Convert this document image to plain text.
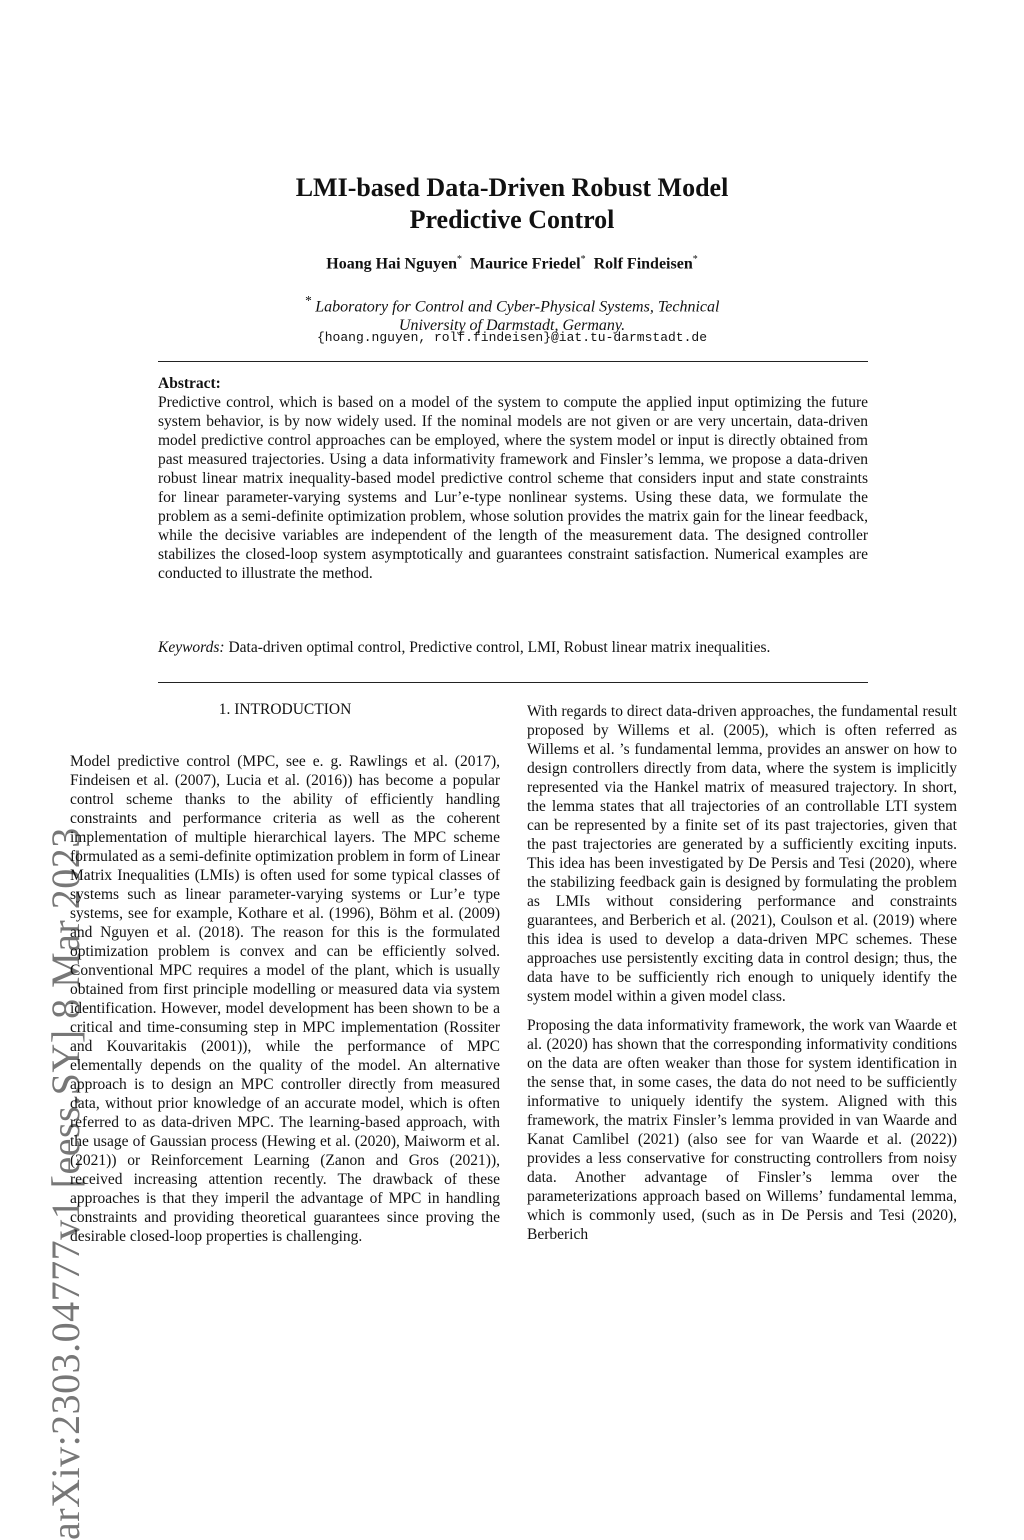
arXiv:2303.04777v1 [eess.SY] 8 Mar 2023
LMI-based Data-Driven Robust Model
Predictive Control
Hoang Hai Nguyen* Maurice Friedel* Rolf Findeisen*
* Laboratory for Control and Cyber-Physical Systems, Technical
University of Darmstadt, Germany.
{hoang.nguyen, rolf.findeisen}@iat.tu-darmstadt.de
Abstract:
Predictive control, which is based on a model of the system to compute the applied input optimizing the future system behavior, is by now widely used. If the nominal models are not given or are very uncertain, data-driven model predictive control approaches can be employed, where the system model or input is directly obtained from past measured trajectories. Using a data informativity framework and Finsler’s lemma, we propose a data-driven robust linear matrix inequality-based model predictive control scheme that considers input and state constraints for linear parameter-varying systems and Lur’e-type nonlinear systems. Using these data, we formulate the problem as a semi-definite optimization problem, whose solution provides the matrix gain for the linear feedback, while the decisive variables are independent of the length of the measurement data. The designed controller stabilizes the closed-loop system asymptotically and guarantees constraint satisfaction. Numerical examples are conducted to illustrate the method.
Keywords: Data-driven optimal control, Predictive control, LMI, Robust linear matrix inequalities.
1. INTRODUCTION

Model predictive control (MPC, see e. g. Rawlings et al. (2017), Findeisen et al. (2007), Lucia et al. (2016)) has become a popular control scheme thanks to the ability of efficiently handling constraints and performance criteria as well as the coherent implementation of multiple hierarchical layers. The MPC scheme formulated as a semi-definite optimization problem in form of Linear Matrix Inequalities (LMIs) is often used for some typical classes of systems such as linear parameter-varying systems or Lur’e type systems, see for example, Kothare et al. (1996), Böhm et al. (2009) and Nguyen et al. (2018). The reason for this is the formulated optimization problem is convex and can be efficiently solved. Conventional MPC requires a model of the plant, which is usually obtained from first principle modelling or measured data via system identification. However, model development has been shown to be a critical and time-consuming step in MPC implementation (Rossiter and Kouvaritakis (2001)), while the performance of MPC elementally depends on the quality of the model. An alternative approach is to design an MPC controller directly from measured data, without prior knowledge of an accurate model, which is often referred to as data-driven MPC. The learning-based approach, with the usage of Gaussian process (Hewing et al. (2020), Maiworm et al. (2021)) or Reinforcement Learning (Zanon and Gros (2021)), received increasing attention recently. The drawback of these approaches is that they imperil the advantage of MPC in handling constraints and providing theoretical guarantees since proving the desirable closed-loop properties is challenging.

With regards to direct data-driven approaches, the fundamental result proposed by Willems et al. (2005), which is often referred as Willems et al. ’s fundamental lemma, provides an answer on how to design controllers directly from data, where the system is implicitly represented via the Hankel matrix of measured trajectory. In short, the lemma states that all trajectories of an controllable LTI system can be represented by a finite set of its past trajectories, given that the past trajectories are generated by a sufficiently exciting inputs. This idea has been investigated by De Persis and Tesi (2020), where the stabilizing feedback gain is designed by formulating the problem as LMIs without considering performance and constraints guarantees, and Berberich et al. (2021), Coulson et al. (2019) where this idea is used to develop a data-driven MPC schemes. These approaches use persistently exciting data in control design; thus, the data have to be sufficiently rich enough to uniquely identify the system model within a given model class.

Proposing the data informativity framework, the work van Waarde et al. (2020) has shown that the corresponding informativity conditions on the data are often weaker than those for system identification in the sense that, in some cases, the data do not need to be sufficiently informative to uniquely identify the system. Aligned with this framework, the matrix Finsler’s lemma provided in van Waarde and Kanat Camlibel (2021) (also see for van Waarde et al. (2022)) provides a less conservative for constructing controllers from noisy data. Another advantage of Finsler’s lemma over the parameterizations approach based on Willems’ fundamental lemma, which is commonly used, (such as in De Persis and Tesi (2020), Berberich
